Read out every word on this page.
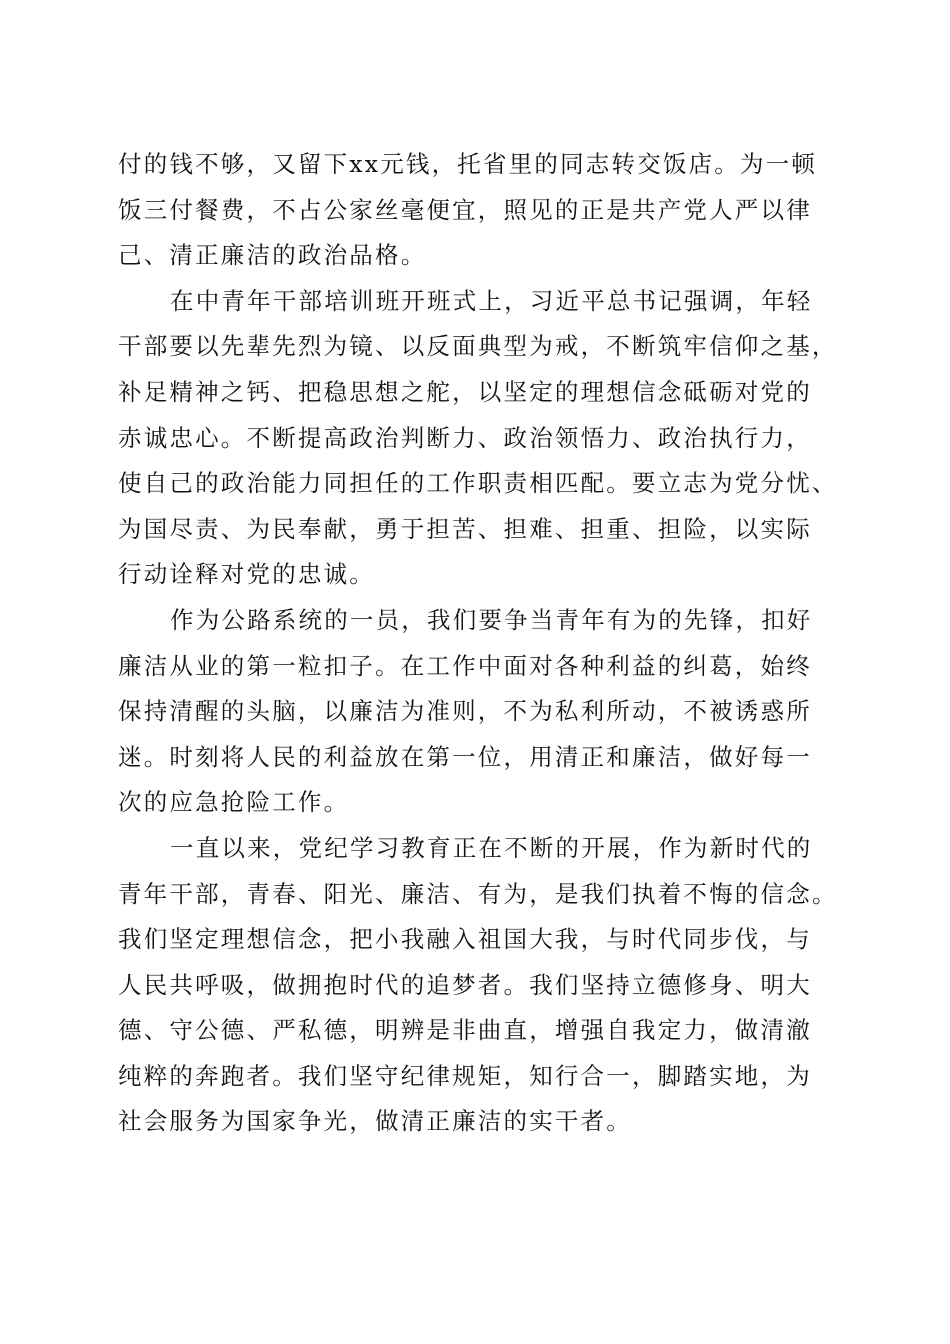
付的钱不够，又留下xx元钱，托省里的同志转交饭店。为一顿
饭三付餐费，不占公家丝毫便宜，照见的正是共产党人严以律
己、清正廉洁的政治品格。

在中青年干部培训班开班式上，习近平总书记强调，年轻
干部要以先辈先烈为镜、以反面典型为戒，不断筑牢信仰之基，
补足精神之钙、把稳思想之舵，以坚定的理想信念砥砺对党的
赤诚忠心。不断提高政治判断力、政治领悟力、政治执行力，
使自己的政治能力同担任的工作职责相匹配。要立志为党分忧、
为国尽责、为民奉献，勇于担苦、担难、担重、担险，以实际
行动诠释对党的忠诚。

作为公路系统的一员，我们要争当青年有为的先锋，扣好
廉洁从业的第一粒扣子。在工作中面对各种利益的纠葛，始终
保持清醒的头脑，以廉洁为准则，不为私利所动，不被诱惑所
迷。时刻将人民的利益放在第一位，用清正和廉洁，做好每一
次的应急抢险工作。

一直以来，党纪学习教育正在不断的开展，作为新时代的
青年干部，青春、阳光、廉洁、有为，是我们执着不悔的信念。
我们坚定理想信念，把小我融入祖国大我，与时代同步伐，与
人民共呼吸，做拥抱时代的追梦者。我们坚持立德修身、明大
德、守公德、严私德，明辨是非曲直，增强自我定力，做清澈
纯粹的奔跑者。我们坚守纪律规矩，知行合一，脚踏实地，为
社会服务为国家争光，做清正廉洁的实干者。
